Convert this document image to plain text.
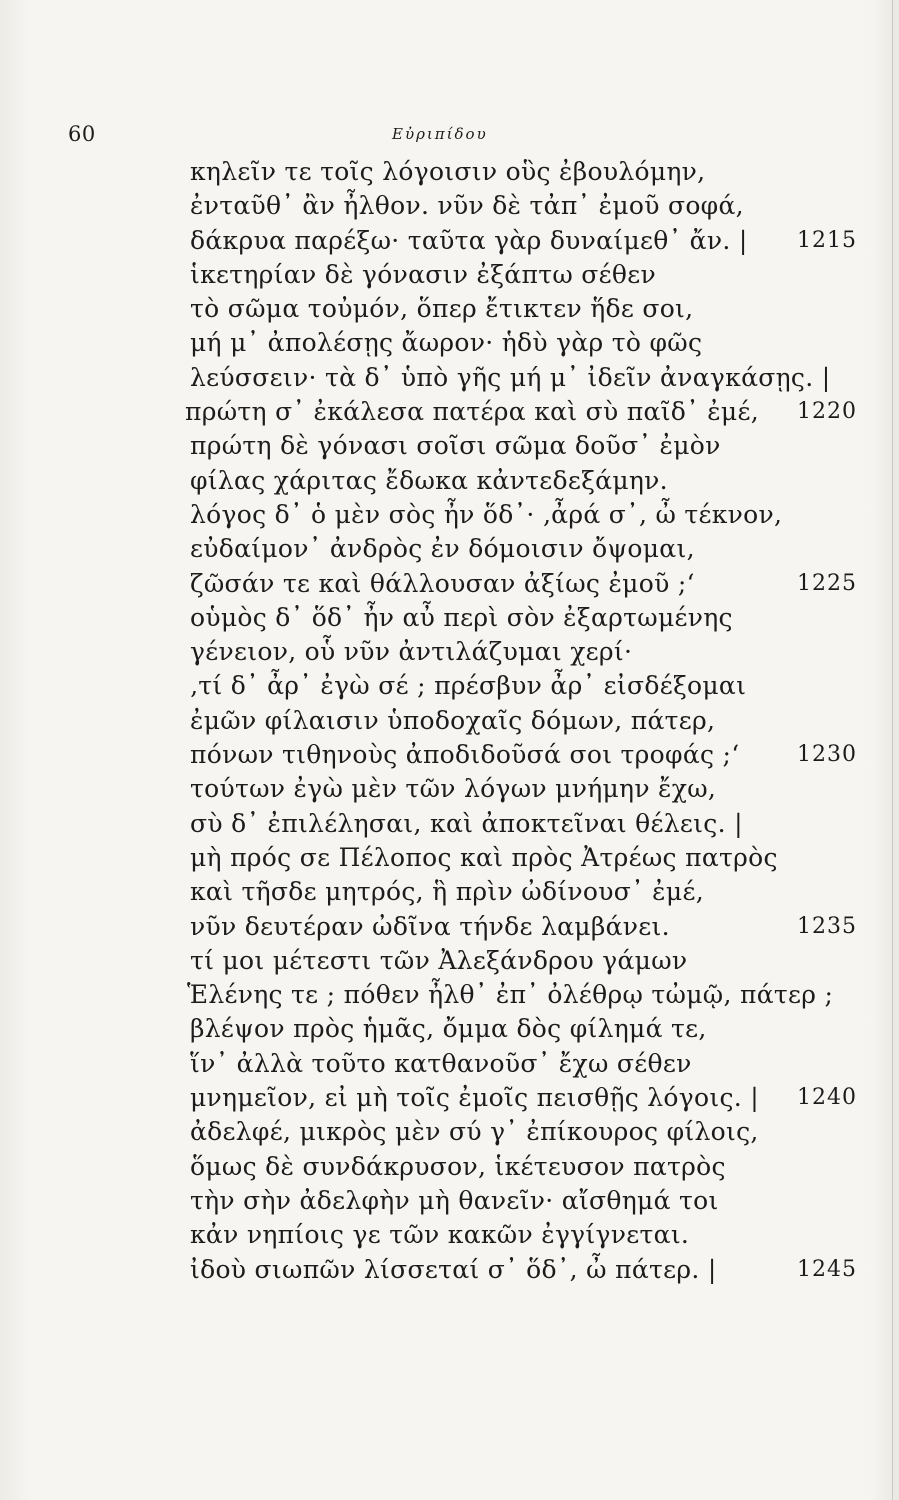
60	Εὐριπίδου
κηλεῖν τε τοῖς λόγοισιν οὓς ἐβουλόμην,
ἐνταῦθ᾽ ἂν ἦλθον. νῦν δὲ τἀπ᾽ ἐμοῦ σοφά,
δάκρυα παρέξω· ταῦτα γὰρ δυναίμεθ᾽ ἄν. | 1215
ἱκετηρίαν δὲ γόνασιν ἐξάπτω σέθεν
τὸ σῶμα τοὐμόν, ὅπερ ἔτικτεν ἥδε σοι,
μή μ᾽ ἀπολέσῃς ἄωρον· ἡδὺ γὰρ τὸ φῶς
λεύσσειν· τὰ δ᾽ ὑπὸ γῆς μή μ᾽ ἰδεῖν ἀναγκάσῃς. |
πρώτη σ᾽ ἐκάλεσα πατέρα καὶ σὺ παῖδ᾽ ἐμέ, 1220
πρώτη δὲ γόνασι σοῖσι σῶμα δοῦσ᾽ ἐμὸν
φίλας χάριτας ἔδωκα κἀντεδεξάμην.
λόγος δ᾽ ὁ μὲν σὸς ἦν ὅδ᾽· ‚ἆρά σ᾽, ὦ τέκνον,
εὐδαίμον᾽ ἀνδρὸς ἐν δόμοισιν ὄψομαι,
ζῶσάν τε καὶ θάλλουσαν ἀξίως ἐμοῦ ;‘	1225
οὑμὸς δ᾽ ὅδ᾽ ἦν αὖ περὶ σὸν ἐξαρτωμένης
γένειον, οὗ νῦν ἀντιλάζυμαι χερί·
‚τί δ᾽ ἆρ᾽ ἐγὼ σέ ; πρέσβυν ἆρ᾽ εἰσδέξομαι
ἐμῶν φίλαισιν ὑποδοχαῖς δόμων, πάτερ,
πόνων τιθηνοὺς ἀποδιδοῦσά σοι τροφάς ;‘	1230
τούτων ἐγὼ μὲν τῶν λόγων μνήμην ἔχω,
σὺ δ᾽ ἐπιλέλησαι, καὶ ἀποκτεῖναι θέλεις. |
μὴ πρός σε Πέλοπος καὶ πρὸς Ἀτρέως πατρὸς
καὶ τῆσδε μητρός, ἣ πρὶν ὠδίνουσ᾽ ἐμέ,
νῦν δευτέραν ὠδῖνα τήνδε λαμβάνει.	1235
τί μοι μέτεστι τῶν Ἀλεξάνδρου γάμων
Ἑλένης τε ; πόθεν ἦλθ᾽ ἐπ᾽ ὀλέθρῳ τὠμῷ, πάτερ ;
βλέψον πρὸς ἡμᾶς, ὄμμα δὸς φίλημά τε,
ἵν᾽ ἀλλὰ τοῦτο κατθανοῦσ᾽ ἔχω σέθεν
μνημεῖον, εἰ μὴ τοῖς ἐμοῖς πεισθῇς λόγοις. | 1240
ἀδελφέ, μικρὸς μὲν σύ γ᾽ ἐπίκουρος φίλοις,
ὅμως δὲ συνδάκρυσον, ἱκέτευσον πατρὸς
τὴν σὴν ἀδελφὴν μὴ θανεῖν· αἴσθημά τοι
κἀν νηπίοις γε τῶν κακῶν ἐγγίγνεται.
ἰδοὺ σιωπῶν λίσσεταί σ᾽ ὅδ᾽, ὦ πάτερ. |	1245
